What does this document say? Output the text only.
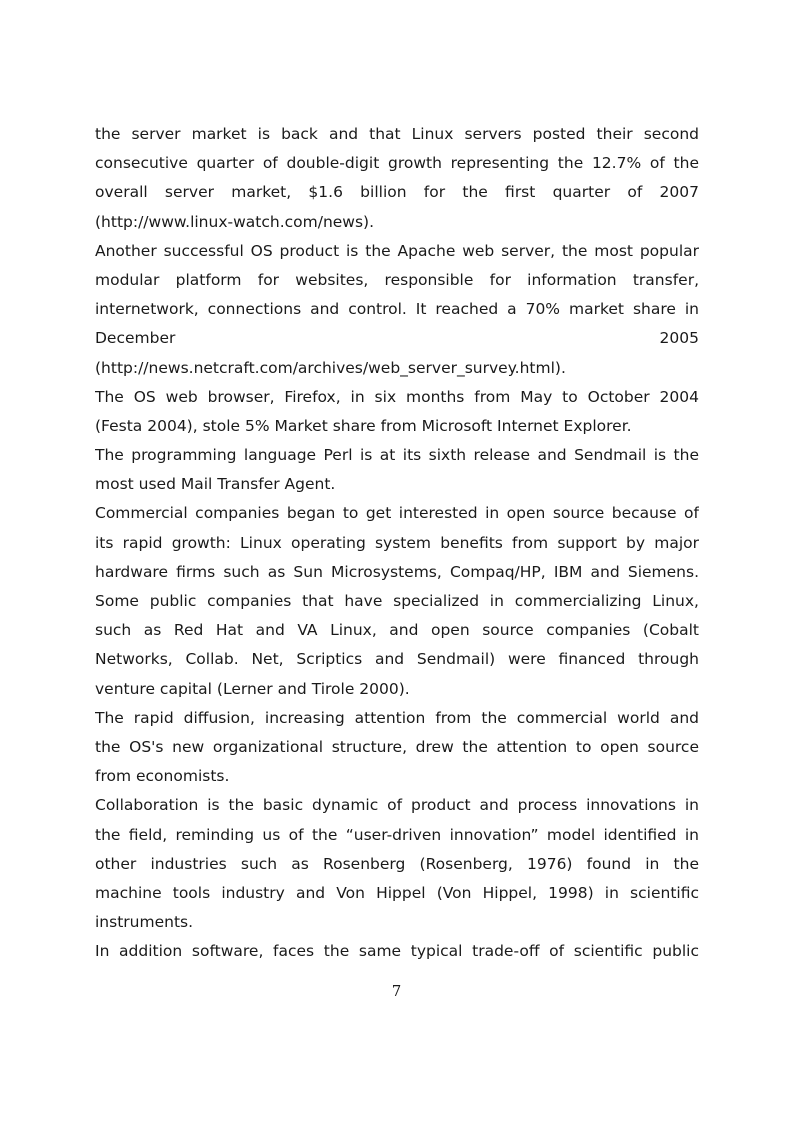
the server market is back and that Linux servers posted their second
consecutive quarter of double-digit growth representing the 12.7% of the
overall server market, $1.6 billion for the first quarter of 2007
(http://www.linux-watch.com/news).
Another successful OS product is the Apache web server, the most popular
modular platform for websites, responsible for information transfer,
internetwork, connections and control. It reached a 70% market share in
December 2005
(http://news.netcraft.com/archives/web_server_survey.html).
The OS web browser, Firefox, in six months from May to October 2004
(Festa 2004), stole 5% Market share from Microsoft Internet Explorer.
The programming language Perl is at its sixth release and Sendmail is the
most used Mail Transfer Agent.
Commercial companies began to get interested in open source because of
its rapid growth: Linux operating system benefits from support by major
hardware firms such as Sun Microsystems, Compaq/HP, IBM and Siemens.
Some public companies that have specialized in commercializing Linux,
such as Red Hat and VA Linux, and open source companies (Cobalt
Networks, Collab. Net, Scriptics and Sendmail) were financed through
venture capital (Lerner and Tirole 2000).
The rapid diffusion, increasing attention from the commercial world and
the OS's new organizational structure, drew the attention to open source
from economists.
Collaboration is the basic dynamic of product and process innovations in
the field, reminding us of the “user-driven innovation” model identified in
other industries such as Rosenberg (Rosenberg, 1976) found in the
machine tools industry and Von Hippel (Von Hippel, 1998) in scientific
instruments.
In addition software, faces the same typical trade-off of scientific public
7
